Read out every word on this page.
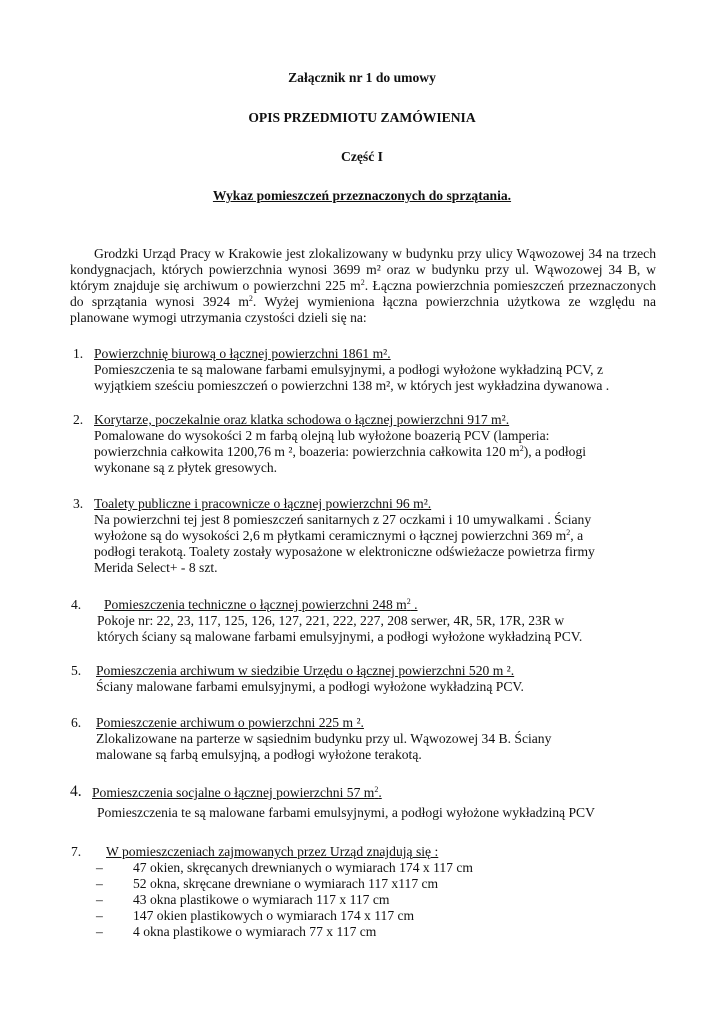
Załącznik nr 1 do umowy
OPIS PRZEDMIOTU ZAMÓWIENIA
Część I
Wykaz pomieszczeń przeznaczonych do sprzątania.
Grodzki Urząd Pracy w Krakowie jest zlokalizowany w budynku przy ulicy Wąwozowej 34 na trzech kondygnacjach, których powierzchnia wynosi 3699 m² oraz w budynku przy ul. Wąwozowej 34 B, w którym znajduje się archiwum o powierzchni 225 $m^2$. Łączna powierzchnia pomieszczeń przeznaczonych do sprzątania wynosi 3924 $m^2$. Wyżej wymieniona łączna powierzchnia użytkowa ze względu na planowane wymogi utrzymania czystości dzieli się na:
1. Powierzchnię biurową o łącznej powierzchni 1861 m².
Pomieszczenia te są malowane farbami emulsyjnymi, a podłogi wyłożone wykładziną PCV, z
wyjątkiem sześciu pomieszczeń o powierzchni 138 m², w których jest wykładzina dywanowa .
2. Korytarze, poczekalnie oraz klatka schodowa o łącznej powierzchni 917 m².
Pomalowane do wysokości 2 m farbą olejną lub wyłożone boazerią PCV (lamperia:
powierzchnia całkowita 1200,76 m ², boazeria: powierzchnia całkowita 120 $m^2$), a podłogi
wykonane są z płytek gresowych.
3. Toalety publiczne i pracownicze o łącznej powierzchni 96 m².
Na powierzchni tej jest 8 pomieszczeń sanitarnych z 27 oczkami i 10 umywalkami . Ściany
wyłożone są do wysokości 2,6 m płytkami ceramicznymi o łącznej powierzchni 369 $m^2$, a
podłogi terakotą. Toalety zostały wyposażone w elektroniczne odświeżacze powietrza firmy
Merida Select+ - 8 szt.
4. Pomieszczenia techniczne o łącznej powierzchni 248 $m^2$ .
Pokoje nr: 22, 23, 117, 125, 126, 127, 221, 222, 227, 208 serwer, 4R, 5R, 17R, 23R w
których ściany są malowane farbami emulsyjnymi, a podłogi wyłożone wykładziną PCV.
5. Pomieszczenia archiwum w siedzibie Urzędu o łącznej powierzchni 520 m ².
Ściany malowane farbami emulsyjnymi, a podłogi wyłożone wykładziną PCV.
6. Pomieszczenie archiwum o powierzchni 225 m ².
Zlokalizowane na parterze w sąsiednim budynku przy ul. Wąwozowej 34 B. Ściany
malowane są farbą emulsyjną, a podłogi wyłożone terakotą.
4. Pomieszczenia socjalne o łącznej powierzchni 57 $m^2$.
Pomieszczenia te są malowane farbami emulsyjnymi, a podłogi wyłożone wykładziną PCV
7. W pomieszczeniach zajmowanych przez Urząd znajdują się :
– 47 okien, skręcanych drewnianych o wymiarach 174 x 117 cm
– 52 okna, skręcane drewniane o wymiarach 117 x117 cm
– 43 okna plastikowe o wymiarach 117 x 117 cm
– 147 okien plastikowych o wymiarach 174 x 117 cm
– 4 okna plastikowe o wymiarach 77 x 117 cm
